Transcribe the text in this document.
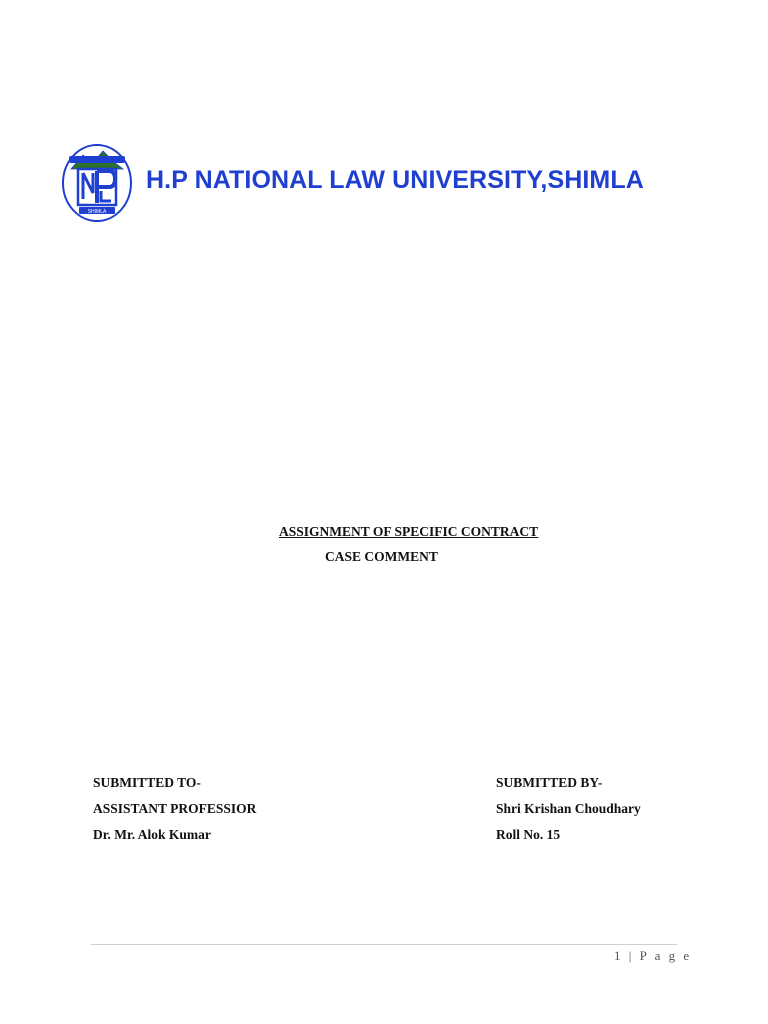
SHIMLA
H.P NATIONAL LAW UNIVERSITY,SHIMLA
ASSIGNMENT OF SPECIFIC CONTRACT
CASE COMMENT
SUBMITTED TO-
ASSISTANT PROFESSIOR
Dr. Mr. Alok Kumar
SUBMITTED BY-
Shri Krishan Choudhary
Roll No. 15
1 | P a g e
